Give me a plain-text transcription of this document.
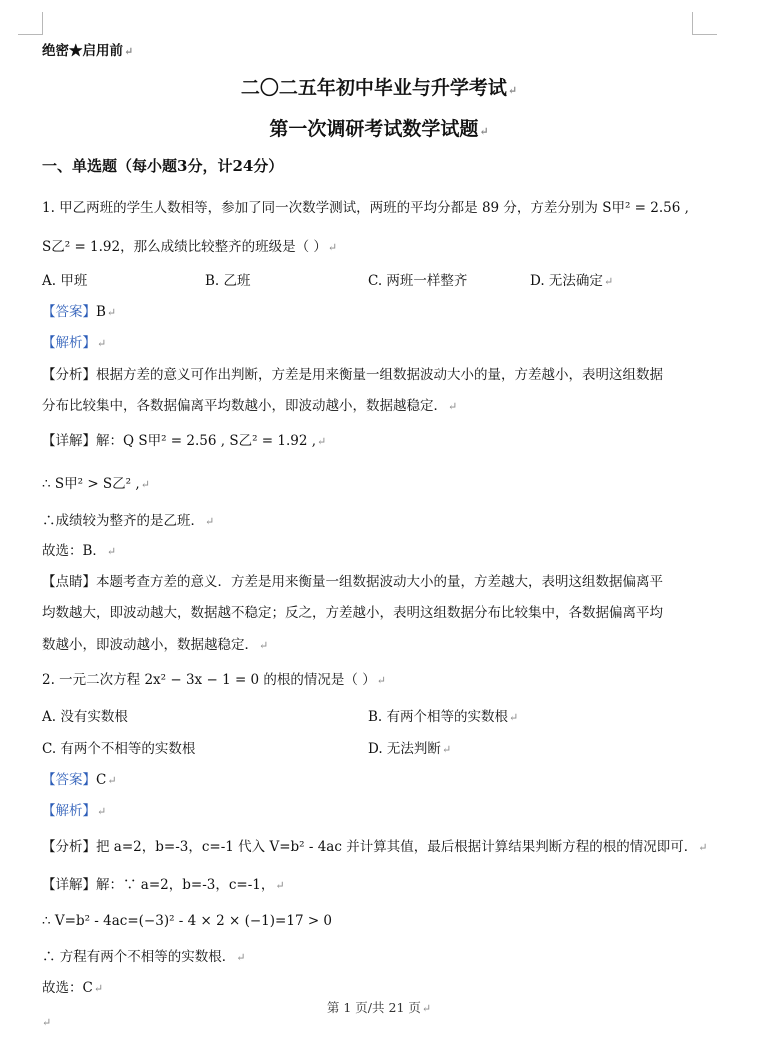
绝密★启用前↵
二〇二五年初中毕业与升学考试↵
第一次调研考试数学试题↵
一、单选题（每小题3分，计24分）
1. 甲乙两班的学生人数相等，参加了同一次数学测试，两班的平均分都是 89 分，方差分别为 S甲² = 2.56 ,
S乙² = 1.92，那么成绩比较整齐的班级是（ ）↵
A. 甲班	B. 乙班	C. 两班一样整齐	D. 无法确定↵
【答案】B↵
【解析】↵
【分析】根据方差的意义可作出判断，方差是用来衡量一组数据波动大小的量，方差越小，表明这组数据
分布比较集中，各数据偏离平均数越小，即波动越小，数据越稳定．↵
【详解】解：Q S甲² = 2.56 , S乙² = 1.92 ,↵
∴ S甲² > S乙² ,↵
∴成绩较为整齐的是乙班．↵
故选：B．↵
【点睛】本题考查方差的意义．方差是用来衡量一组数据波动大小的量，方差越大，表明这组数据偏离平
均数越大，即波动越大，数据越不稳定；反之，方差越小，表明这组数据分布比较集中，各数据偏离平均
数越小，即波动越小，数据越稳定．↵
2. 一元二次方程 2x² − 3x − 1 = 0 的根的情况是（ ）↵
A. 没有实数根	B. 有两个相等的实数根↵
C. 有两个不相等的实数根	D. 无法判断↵
【答案】C↵
【解析】↵
【分析】把 a=2，b=-3，c=-1 代入 V=b² - 4ac 并计算其值，最后根据计算结果判断方程的根的情况即可．↵
【详解】解：∵ a=2，b=-3，c=-1，↵
∴ V=b² - 4ac=(−3)² - 4 × 2 × (−1)=17 > 0
∴ 方程有两个不相等的实数根．↵
故选：C↵
第 1 页/共 21 页↵
↵
